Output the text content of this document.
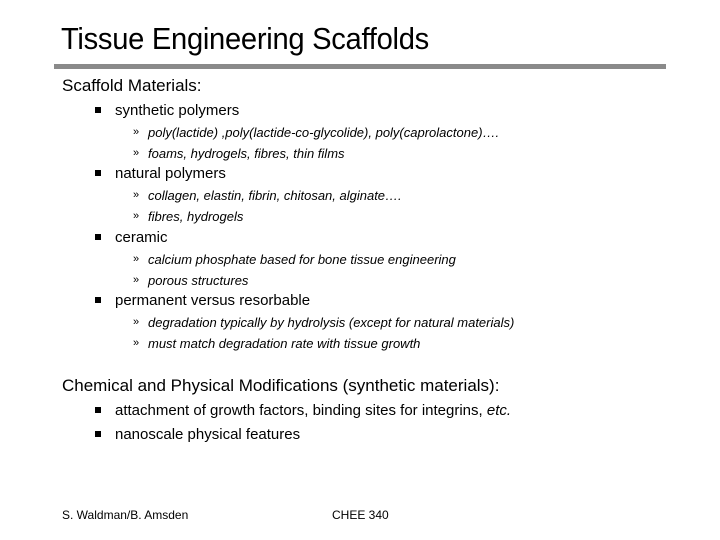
Tissue Engineering Scaffolds
Scaffold Materials:
synthetic polymers
» poly(lactide) ,poly(lactide-co-glycolide), poly(caprolactone)….
» foams, hydrogels, fibres, thin films
natural polymers
» collagen, elastin, fibrin, chitosan, alginate….
» fibres, hydrogels
ceramic
» calcium phosphate based for bone tissue engineering
» porous structures
permanent versus resorbable
» degradation typically by hydrolysis (except for natural materials)
» must match degradation rate with tissue growth
Chemical and Physical Modifications (synthetic materials):
attachment of growth factors, binding sites for integrins, etc.
nanoscale physical features
S. Waldman/B. Amsden	CHEE 340
